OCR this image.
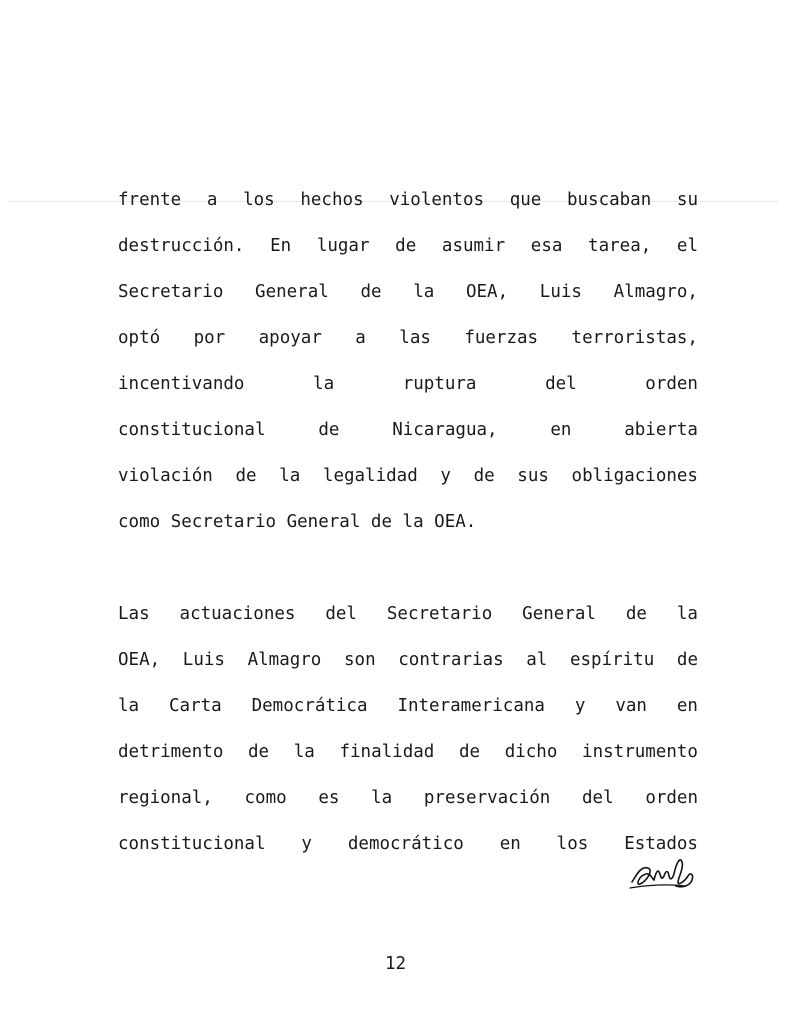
frente a los hechos violentos que buscaban su
destrucción. En lugar de asumir esa tarea, el
Secretario General de la OEA, Luis Almagro,
optó por apoyar a las fuerzas terroristas,
incentivando	la	ruptura	del	orden
constitucional	de	Nicaragua,	en	abierta
violación de la legalidad y de sus obligaciones
como Secretario General de la OEA.
Las actuaciones del Secretario General de la
OEA, Luis Almagro son contrarias al espíritu de
la Carta Democrática Interamericana y van en
detrimento de la finalidad de dicho instrumento
regional, como es la preservación del orden
constitucional y democrático en los Estados
12
